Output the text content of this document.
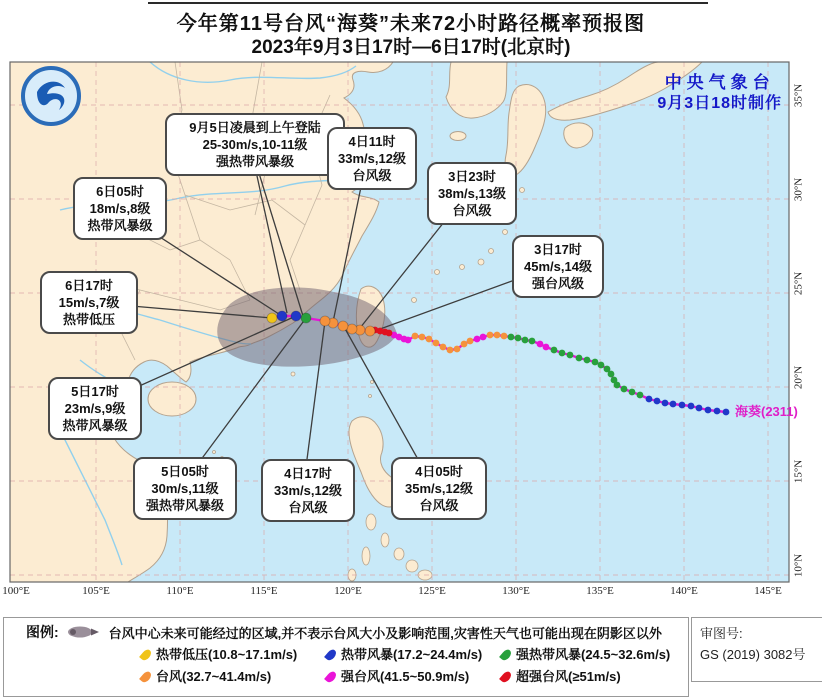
今年第11号台风“海葵”未来72小时路径概率预报图
2023年9月3日17时—6日17时(北京时)
中央气象台
9月3日18时制作
海葵(2311)
9月5日凌晨到上午登陆
25-30m/s,10-11级
强热带风暴级
4日11时
33m/s,12级
台风级	3日23时
38m/s,13级
台风级
3日17时
45m/s,14级
强台风级
6日05时
18m/s,8级
热带风暴级
6日17时
15m/s,7级
热带低压
5日17时
23m/s,9级
热带风暴级
5日05时
30m/s,11级
强热带风暴级
4日17时
33m/s,12级
台风级
4日05时
35m/s,12级
台风级
100°E	105°E	110°E	115°E	120°E	125°E	130°E	135°E	140°E	145°E
35°N
30°N
25°N
20°N
15°N
10°N
图例:	台风中心未来可能经过的区域,并不表示台风大小及影响范围,灾害性天气也可能出现在阴影区以外
热带低压(10.8~17.1m/s)	热带风暴(17.2~24.4m/s)	强热带风暴(24.5~32.6m/s)
台风(32.7~41.4m/s)	强台风(41.5~50.9m/s)	超强台风(≥51m/s)
审图号:
GS (2019) 3082号
